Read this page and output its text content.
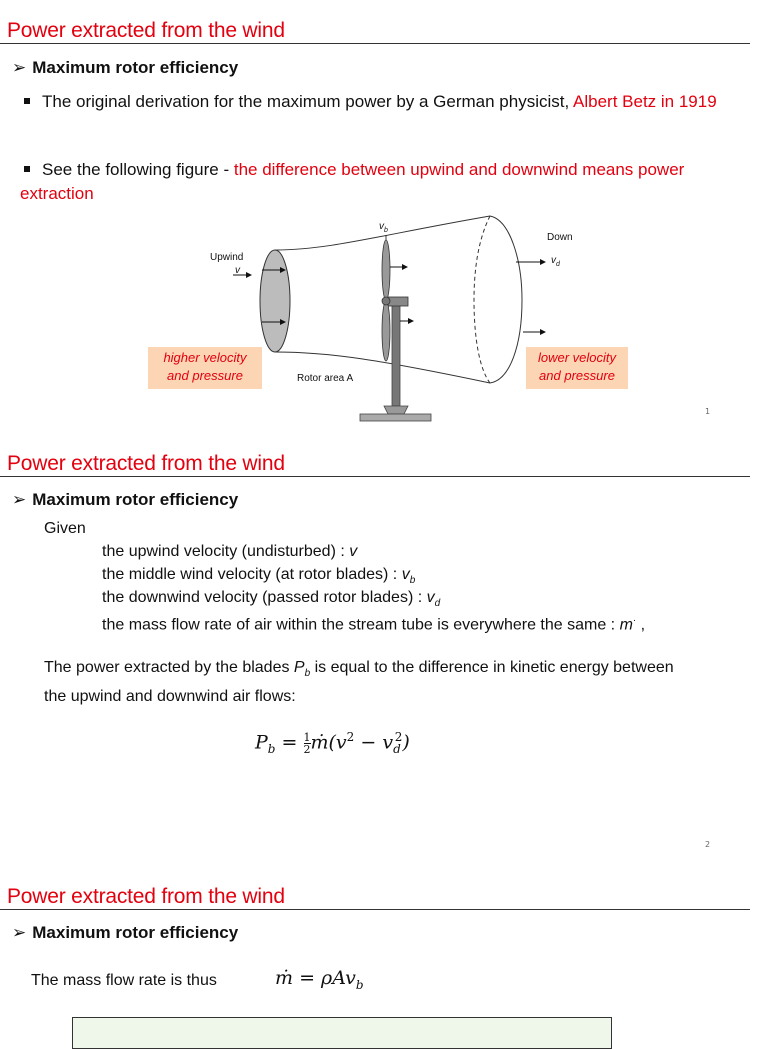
Power extracted from the wind
➢ Maximum rotor efficiency
The original derivation for the maximum power by a German physicist, Albert Betz in 1919
See the following figure - the difference between upwind and downwind means power extraction
Upwind
v
$v_b$
Down
$v_d$
Rotor area A
higher velocity
and pressure
lower velocity
and pressure
1
Power extracted from the wind
➢ Maximum rotor efficiency
Given
the upwind velocity (undisturbed) : v
the middle wind velocity (at rotor blades) : $v_b$
the downwind velocity (passed rotor blades) : $v_d$
the mass flow rate of air within the stream tube is everywhere the same : m· ,
The power extracted by the blades $P_b$ is equal to the difference in kinetic energy between
the upwind and downwind air flows:
$P_b = 1$

2 $ṁ(v^2 - v_d^2)$
2
Power extracted from the wind
➢ Maximum rotor efficiency
The mass flow rate is thus	ṁ = ρAv$_b$
